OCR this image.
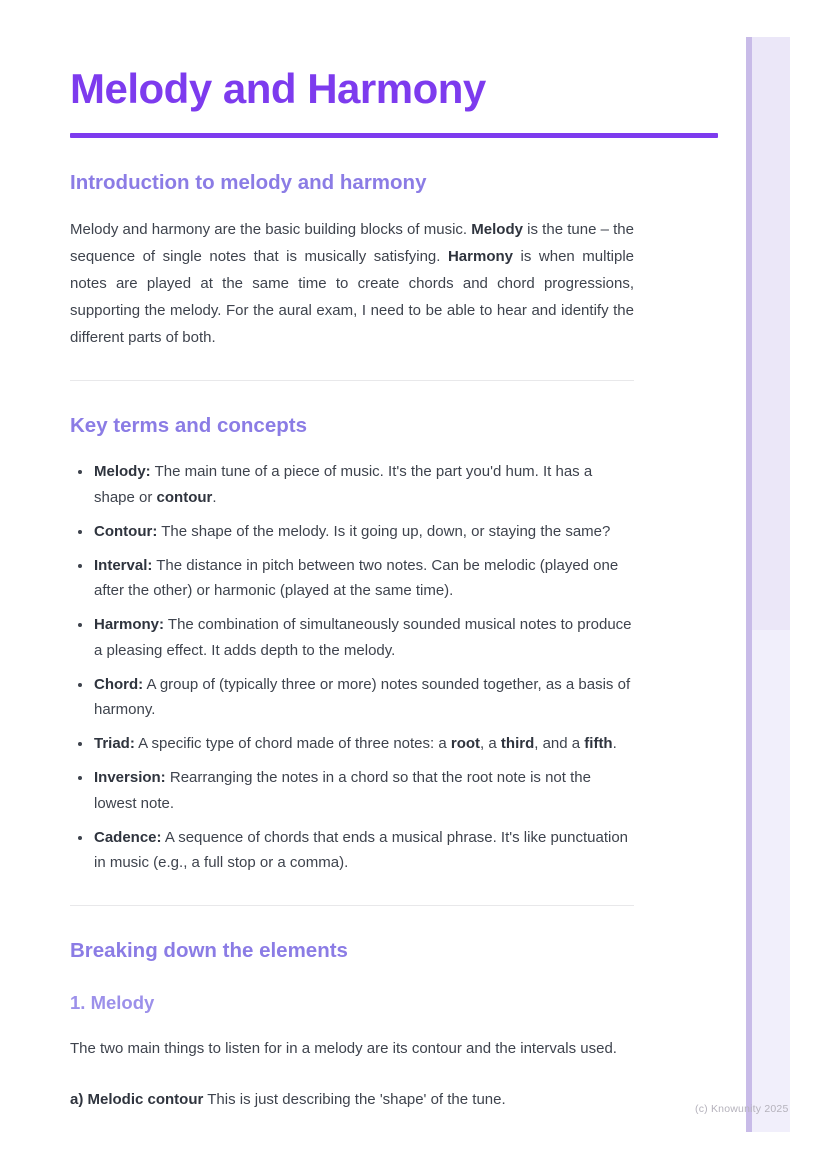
Melody and Harmony
Introduction to melody and harmony

Melody and harmony are the basic building blocks of music. Melody is the tune – the sequence of single notes that is musically satisfying. Harmony is when multiple notes are played at the same time to create chords and chord progressions, supporting the melody. For the aural exam, I need to be able to hear and identify the different parts of both.

Key terms and concepts
• Melody: The main tune of a piece of music. It's the part you'd hum. It has a shape or contour.
• Contour: The shape of the melody. Is it going up, down, or staying the same?
• Interval: The distance in pitch between two notes. Can be melodic (played one after the other) or harmonic (played at the same time).
• Harmony: The combination of simultaneously sounded musical notes to produce a pleasing effect. It adds depth to the melody.
• Chord: A group of (typically three or more) notes sounded together, as a basis of harmony.
• Triad: A specific type of chord made of three notes: a root, a third, and a fifth.
• Inversion: Rearranging the notes in a chord so that the root note is not the lowest note.
• Cadence: A sequence of chords that ends a musical phrase. It's like punctuation in music (e.g., a full stop or a comma).
Breaking down the elements
1. Melody

The two main things to listen for in a melody are its contour and the intervals used.

a) Melodic contour This is just describing the 'shape' of the tune.

(c) Knowunity 2025
